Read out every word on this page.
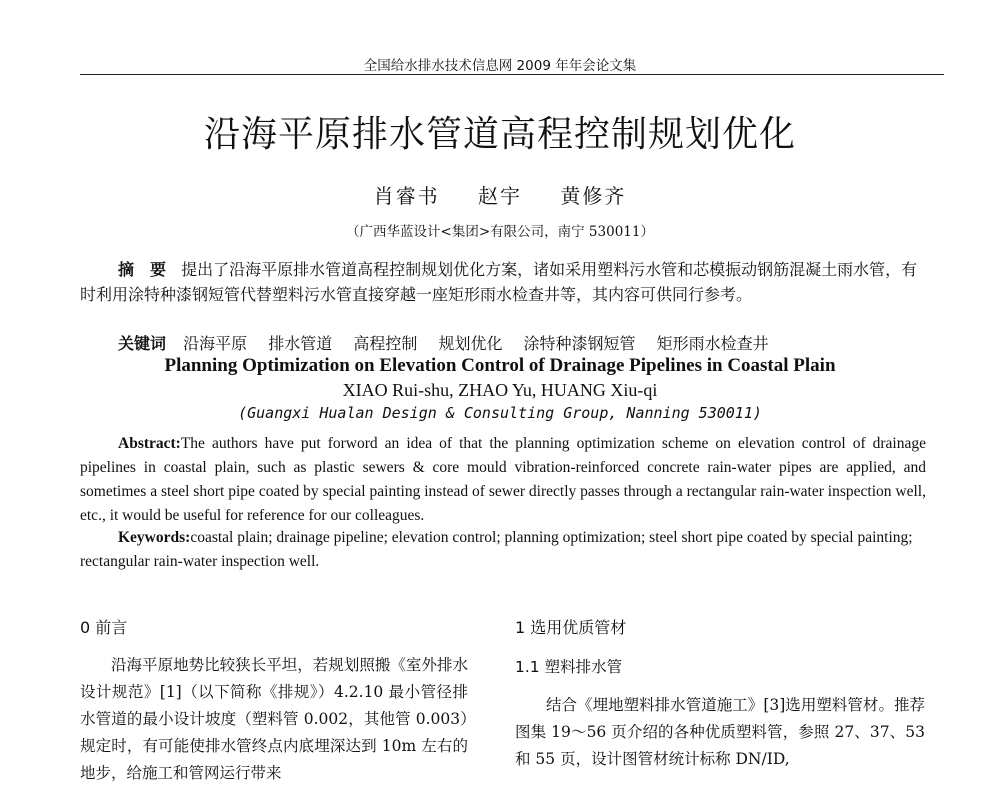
全国给水排水技术信息网 2009 年年会论文集
沿海平原排水管道高程控制规划优化
肖睿书 赵宇 黄修齐
（广西华蓝设计<集团>有限公司，南宁 530011）
摘　要 提出了沿海平原排水管道高程控制规划优化方案，诸如采用塑料污水管和芯模振动钢筋混凝土雨水管，有时利用涂特种漆钢短管代替塑料污水管直接穿越一座矩形雨水检查井等，其内容可供同行参考。
关键词 沿海平原 排水管道 高程控制 规划优化 涂特种漆钢短管 矩形雨水检查井
Planning Optimization on Elevation Control of Drainage Pipelines in Coastal Plain
XIAO Rui-shu, ZHAO Yu, HUANG Xiu-qi
(Guangxi Hualan Design & Consulting Group, Nanning 530011)
Abstract:The authors have put forword an idea of that the planning optimization scheme on elevation control of drainage pipelines in coastal plain, such as plastic sewers & core mould vibration-reinforced concrete rain-water pipes are applied, and sometimes a steel short pipe coated by special painting instead of sewer directly passes through a rectangular rain-water inspection well, etc., it would be useful for reference for our colleagues.
Keywords:coastal plain; drainage pipeline; elevation control; planning optimization; steel short pipe coated by special painting; rectangular rain-water inspection well.
0 前言
沿海平原地势比较狭长平坦，若规划照搬《室外排水设计规范》[1]（以下简称《排规》）4.2.10 最小管径排水管道的最小设计坡度（塑料管 0.002，其他管 0.003）规定时，有可能使排水管终点内底埋深达到 10m 左右的地步，给施工和管网运行带来
1 选用优质管材
1.1 塑料排水管
结合《埋地塑料排水管道施工》[3]选用塑料管材。推荐图集 19～56 页介绍的各种优质塑料管，参照 27、37、53 和 55 页，设计图管材统计标称 DN/ID,
